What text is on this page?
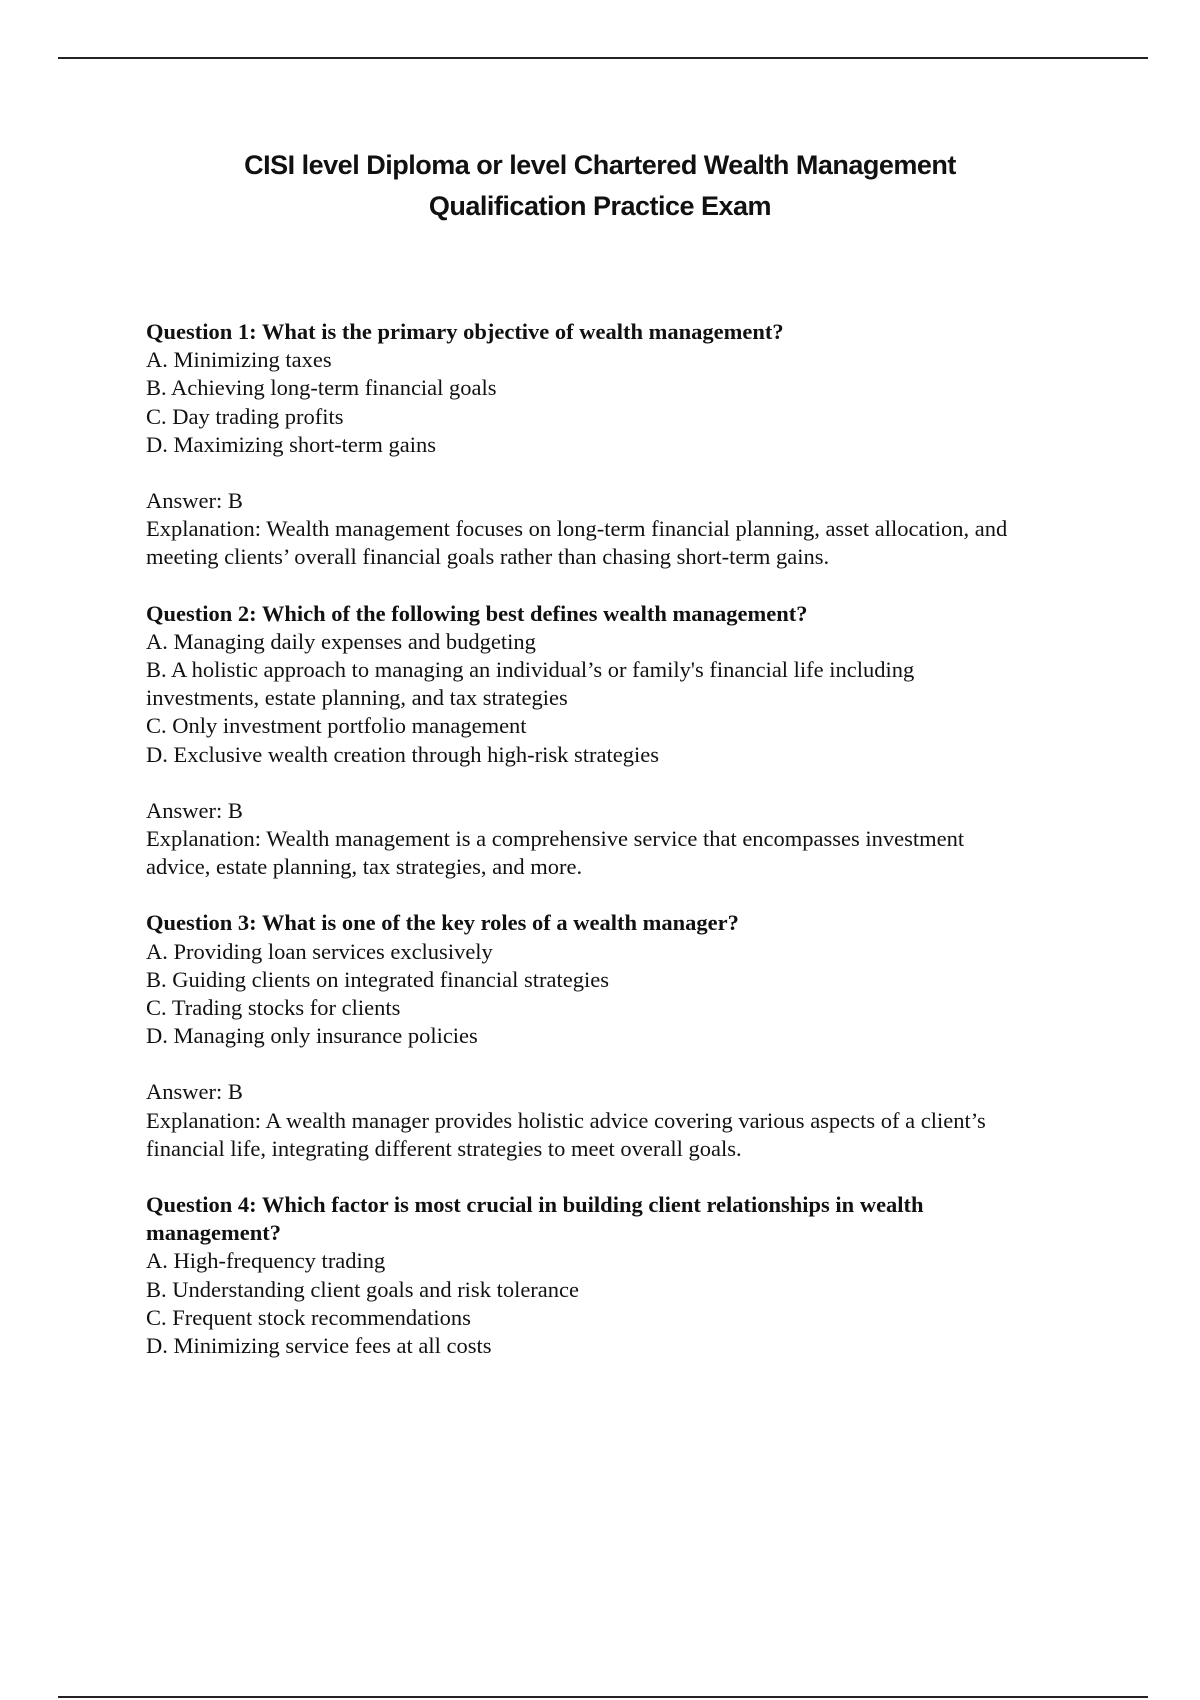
CISI level Diploma or level Chartered Wealth Management
Qualification Practice Exam
Question 1: What is the primary objective of wealth management?
A. Minimizing taxes
B. Achieving long-term financial goals
C. Day trading profits
D. Maximizing short-term gains
Answer: B
Explanation: Wealth management focuses on long-term financial planning, asset allocation, and
meeting clients’ overall financial goals rather than chasing short-term gains.
Question 2: Which of the following best defines wealth management?
A. Managing daily expenses and budgeting
B. A holistic approach to managing an individual’s or family's financial life including
investments, estate planning, and tax strategies
C. Only investment portfolio management
D. Exclusive wealth creation through high-risk strategies
Answer: B
Explanation: Wealth management is a comprehensive service that encompasses investment
advice, estate planning, tax strategies, and more.
Question 3: What is one of the key roles of a wealth manager?
A. Providing loan services exclusively
B. Guiding clients on integrated financial strategies
C. Trading stocks for clients
D. Managing only insurance policies
Answer: B
Explanation: A wealth manager provides holistic advice covering various aspects of a client’s
financial life, integrating different strategies to meet overall goals.
Question 4: Which factor is most crucial in building client relationships in wealth
management?
A. High-frequency trading
B. Understanding client goals and risk tolerance
C. Frequent stock recommendations
D. Minimizing service fees at all costs
